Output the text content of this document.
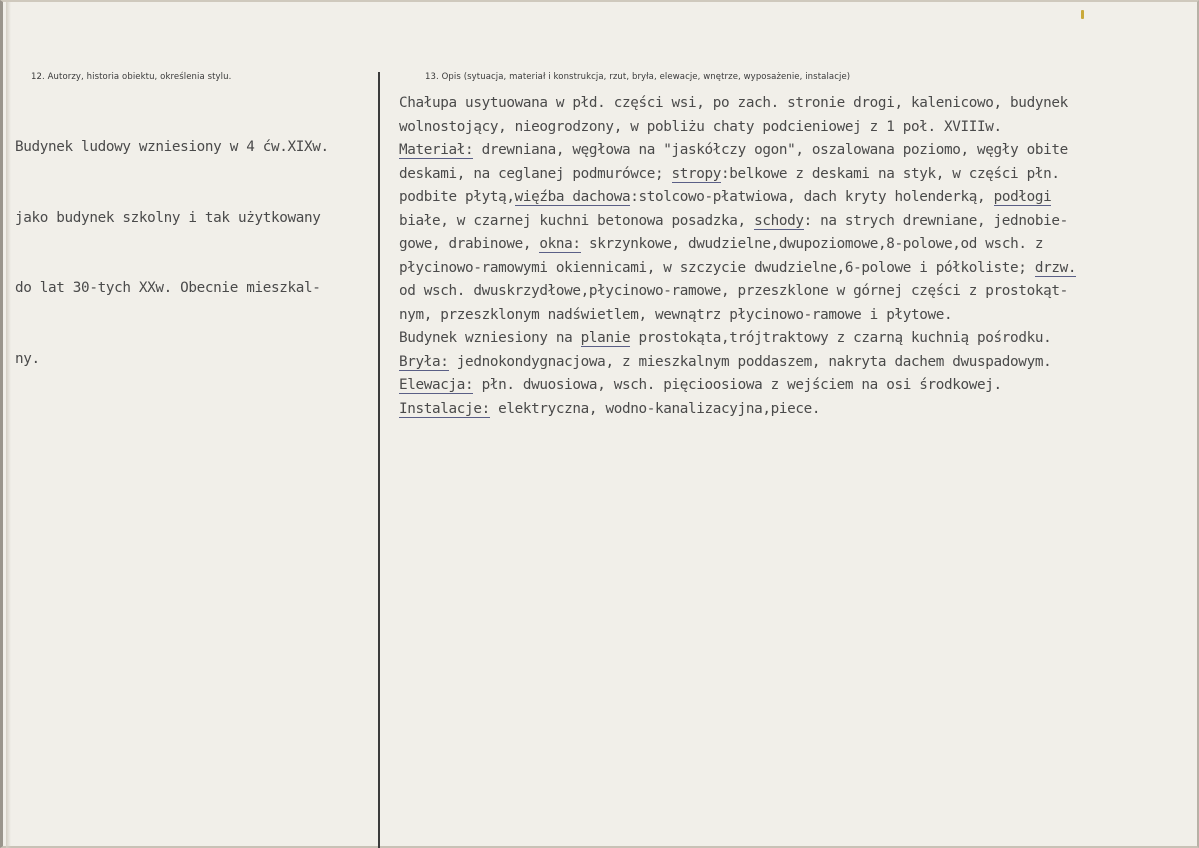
12. Autorzy, historia obiektu, określenia stylu.	13. Opis (sytuacja, materiał i konstrukcja, rzut, bryła, elewacje, wnętrze, wyposażenie, instalacje)

Budynek ludowy wzniesiony w 4 ćw.XIXw.

jako budynek szkolny i tak użytkowany

do lat 30-tych XXw. Obecnie mieszkal-

ny.

Chałupa usytuowana w płd. części wsi, po zach. stronie drogi, kalenicowo, budynek
wolnostojący, nieogrodzony, w pobliżu chaty podcieniowej z 1 poł. XVIIIw.
Materiał: drewniana, węgłowa na "jaskółczy ogon", oszalowana poziomo, węgły obite
deskami, na ceglanej podmurówce; stropy:belkowe z deskami na styk, w części płn.
podbite płytą,więźba dachowa:stolcowo-płatwiowa, dach kryty holenderką, podłogi
białe, w czarnej kuchni betonowa posadzka, schody: na strych drewniane, jednobie-
gowe, drabinowe, okna: skrzynkowe, dwudzielne,dwupoziomowe,8-polowe,od wsch. z
płycinowo-ramowymi okiennicami, w szczycie dwudzielne,6-polowe i półkoliste; drzw.
od wsch. dwuskrzydłowe,płycinowo-ramowe, przeszklone w górnej części z prostokąt-
nym, przeszklonym nadświetlem, wewnątrz płycinowo-ramowe i płytowe.
Budynek wzniesiony na planie prostokąta,trójtraktowy z czarną kuchnią pośrodku.
Bryła: jednokondygnacjowa, z mieszkalnym poddaszem, nakryta dachem dwuspadowym.
Elewacja: płn. dwuosiowa, wsch. pięcioosiowa z wejściem na osi środkowej.
Instalacje: elektryczna, wodno-kanalizacyjna,piece.
